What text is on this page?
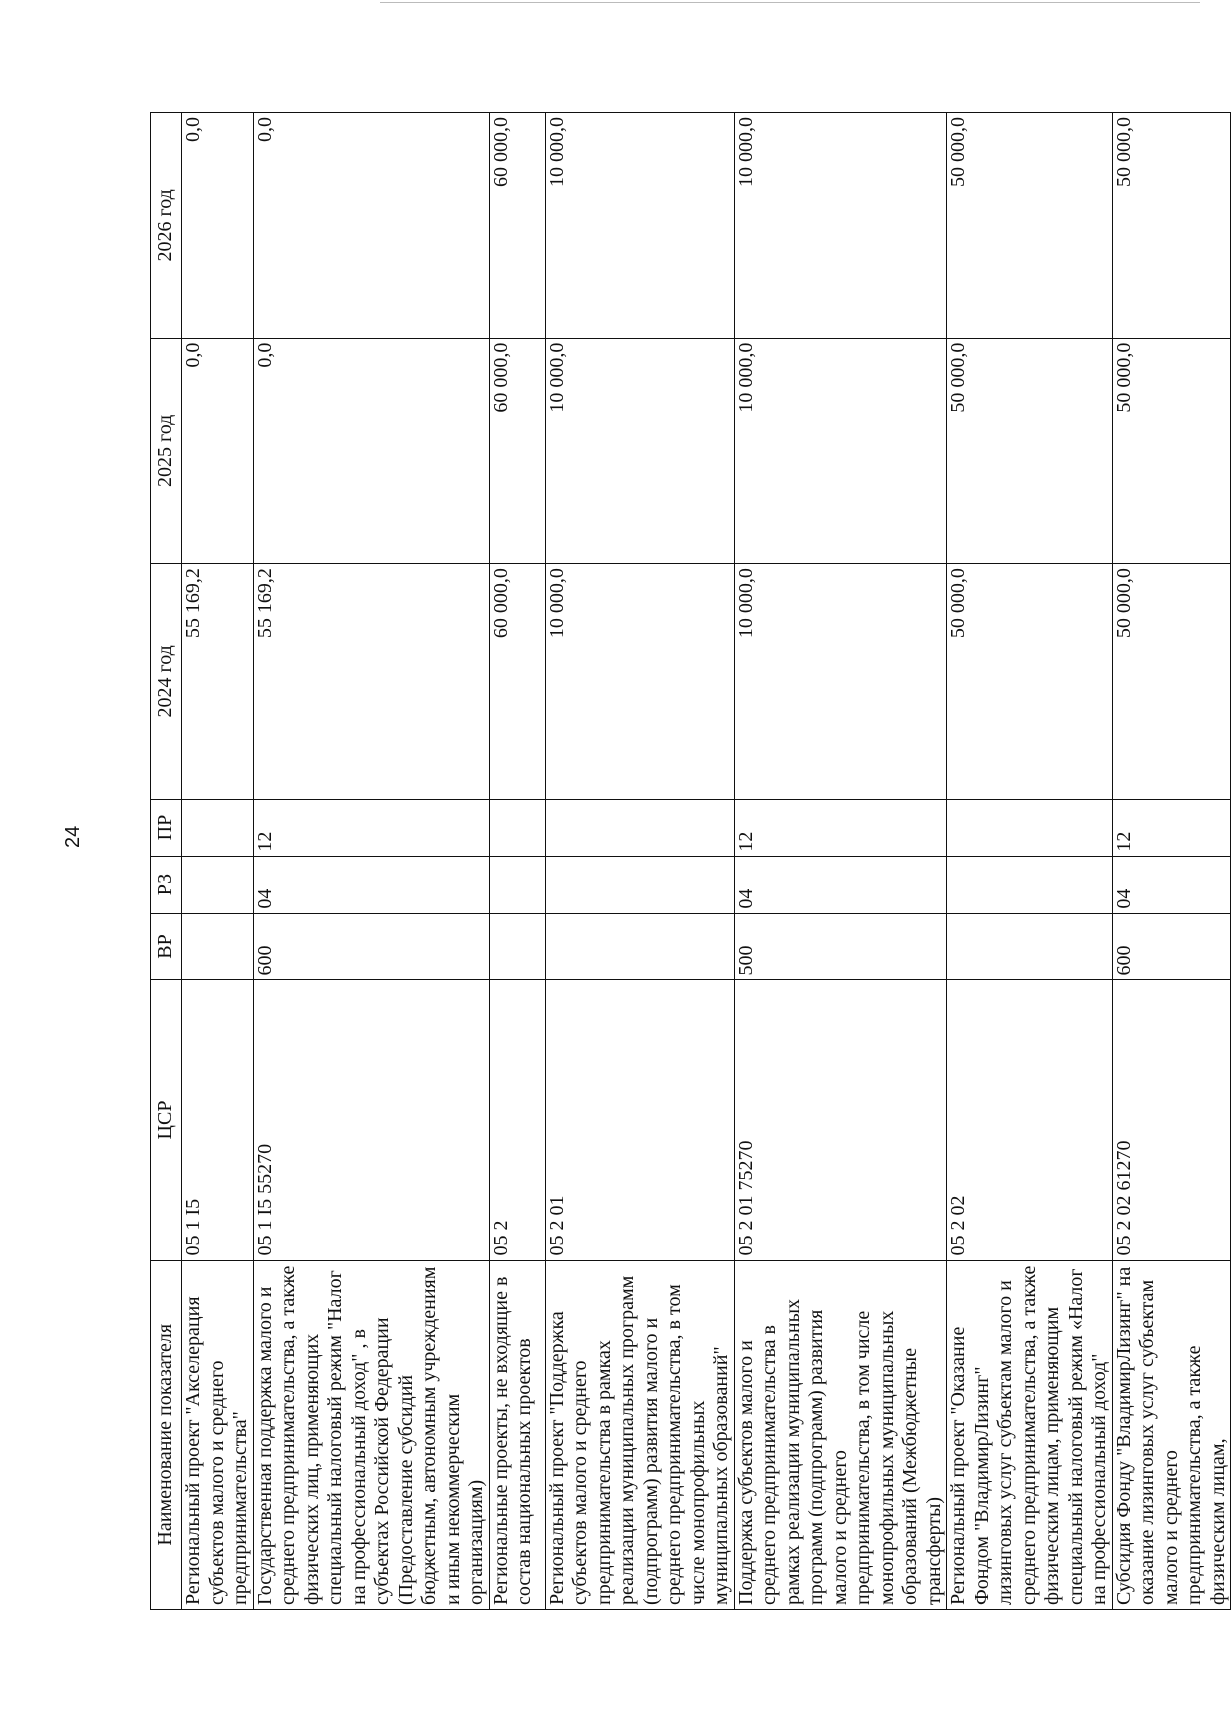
24
Наименование показателя	ЦСР	ВР	РЗ	ПР	2024 год	2025 год	2026 год
Региональный проект "Акселерация субъектов малого и среднего предпринимательства"	05 1 I5				55 169,2	0,0	0,0
Государственная поддержка малого и среднего предпринимательства, а также физических лиц, применяющих специальный налоговый режим "Налог на профессиональный доход" , в субъектах Российской Федерации (Предоставление субсидий бюджетным, автономным учреждениям и иным некоммерческим организациям)	05 1 I5 55270	600	04	12	55 169,2	0,0	0,0
Региональные проекты, не входящие в состав национальных проектов	05 2				60 000,0	60 000,0	60 000,0
Региональный проект "Поддержка субъектов малого и среднего предпринимательства в рамках реализации муниципальных программ (подпрограмм) развития малого и среднего предпринимательства, в том числе монопрофильных муниципальных образований"	05 2 01				10 000,0	10 000,0	10 000,0
Поддержка субъектов малого и среднего предпринимательства в рамках реализации муниципальных программ (подпрограмм) развития малого и среднего предпринимательства, в том числе монопрофильных муниципальных образований (Межбюджетные трансферты)	05 2 01 75270	500	04	12	10 000,0	10 000,0	10 000,0
Региональный проект "Оказание Фондом "ВладимирЛизинг" лизинговых услуг субъектам малого и среднего предпринимательства, а также физическим лицам, применяющим специальный налоговый режим «Налог на профессиональный доход"	05 2 02				50 000,0	50 000,0	50 000,0
Субсидия Фонду "ВладимирЛизинг" на оказание лизинговых услуг субъектам малого и среднего предпринимательства, а также физическим лицам,	05 2 02 61270	600	04	12	50 000,0	50 000,0	50 000,0
